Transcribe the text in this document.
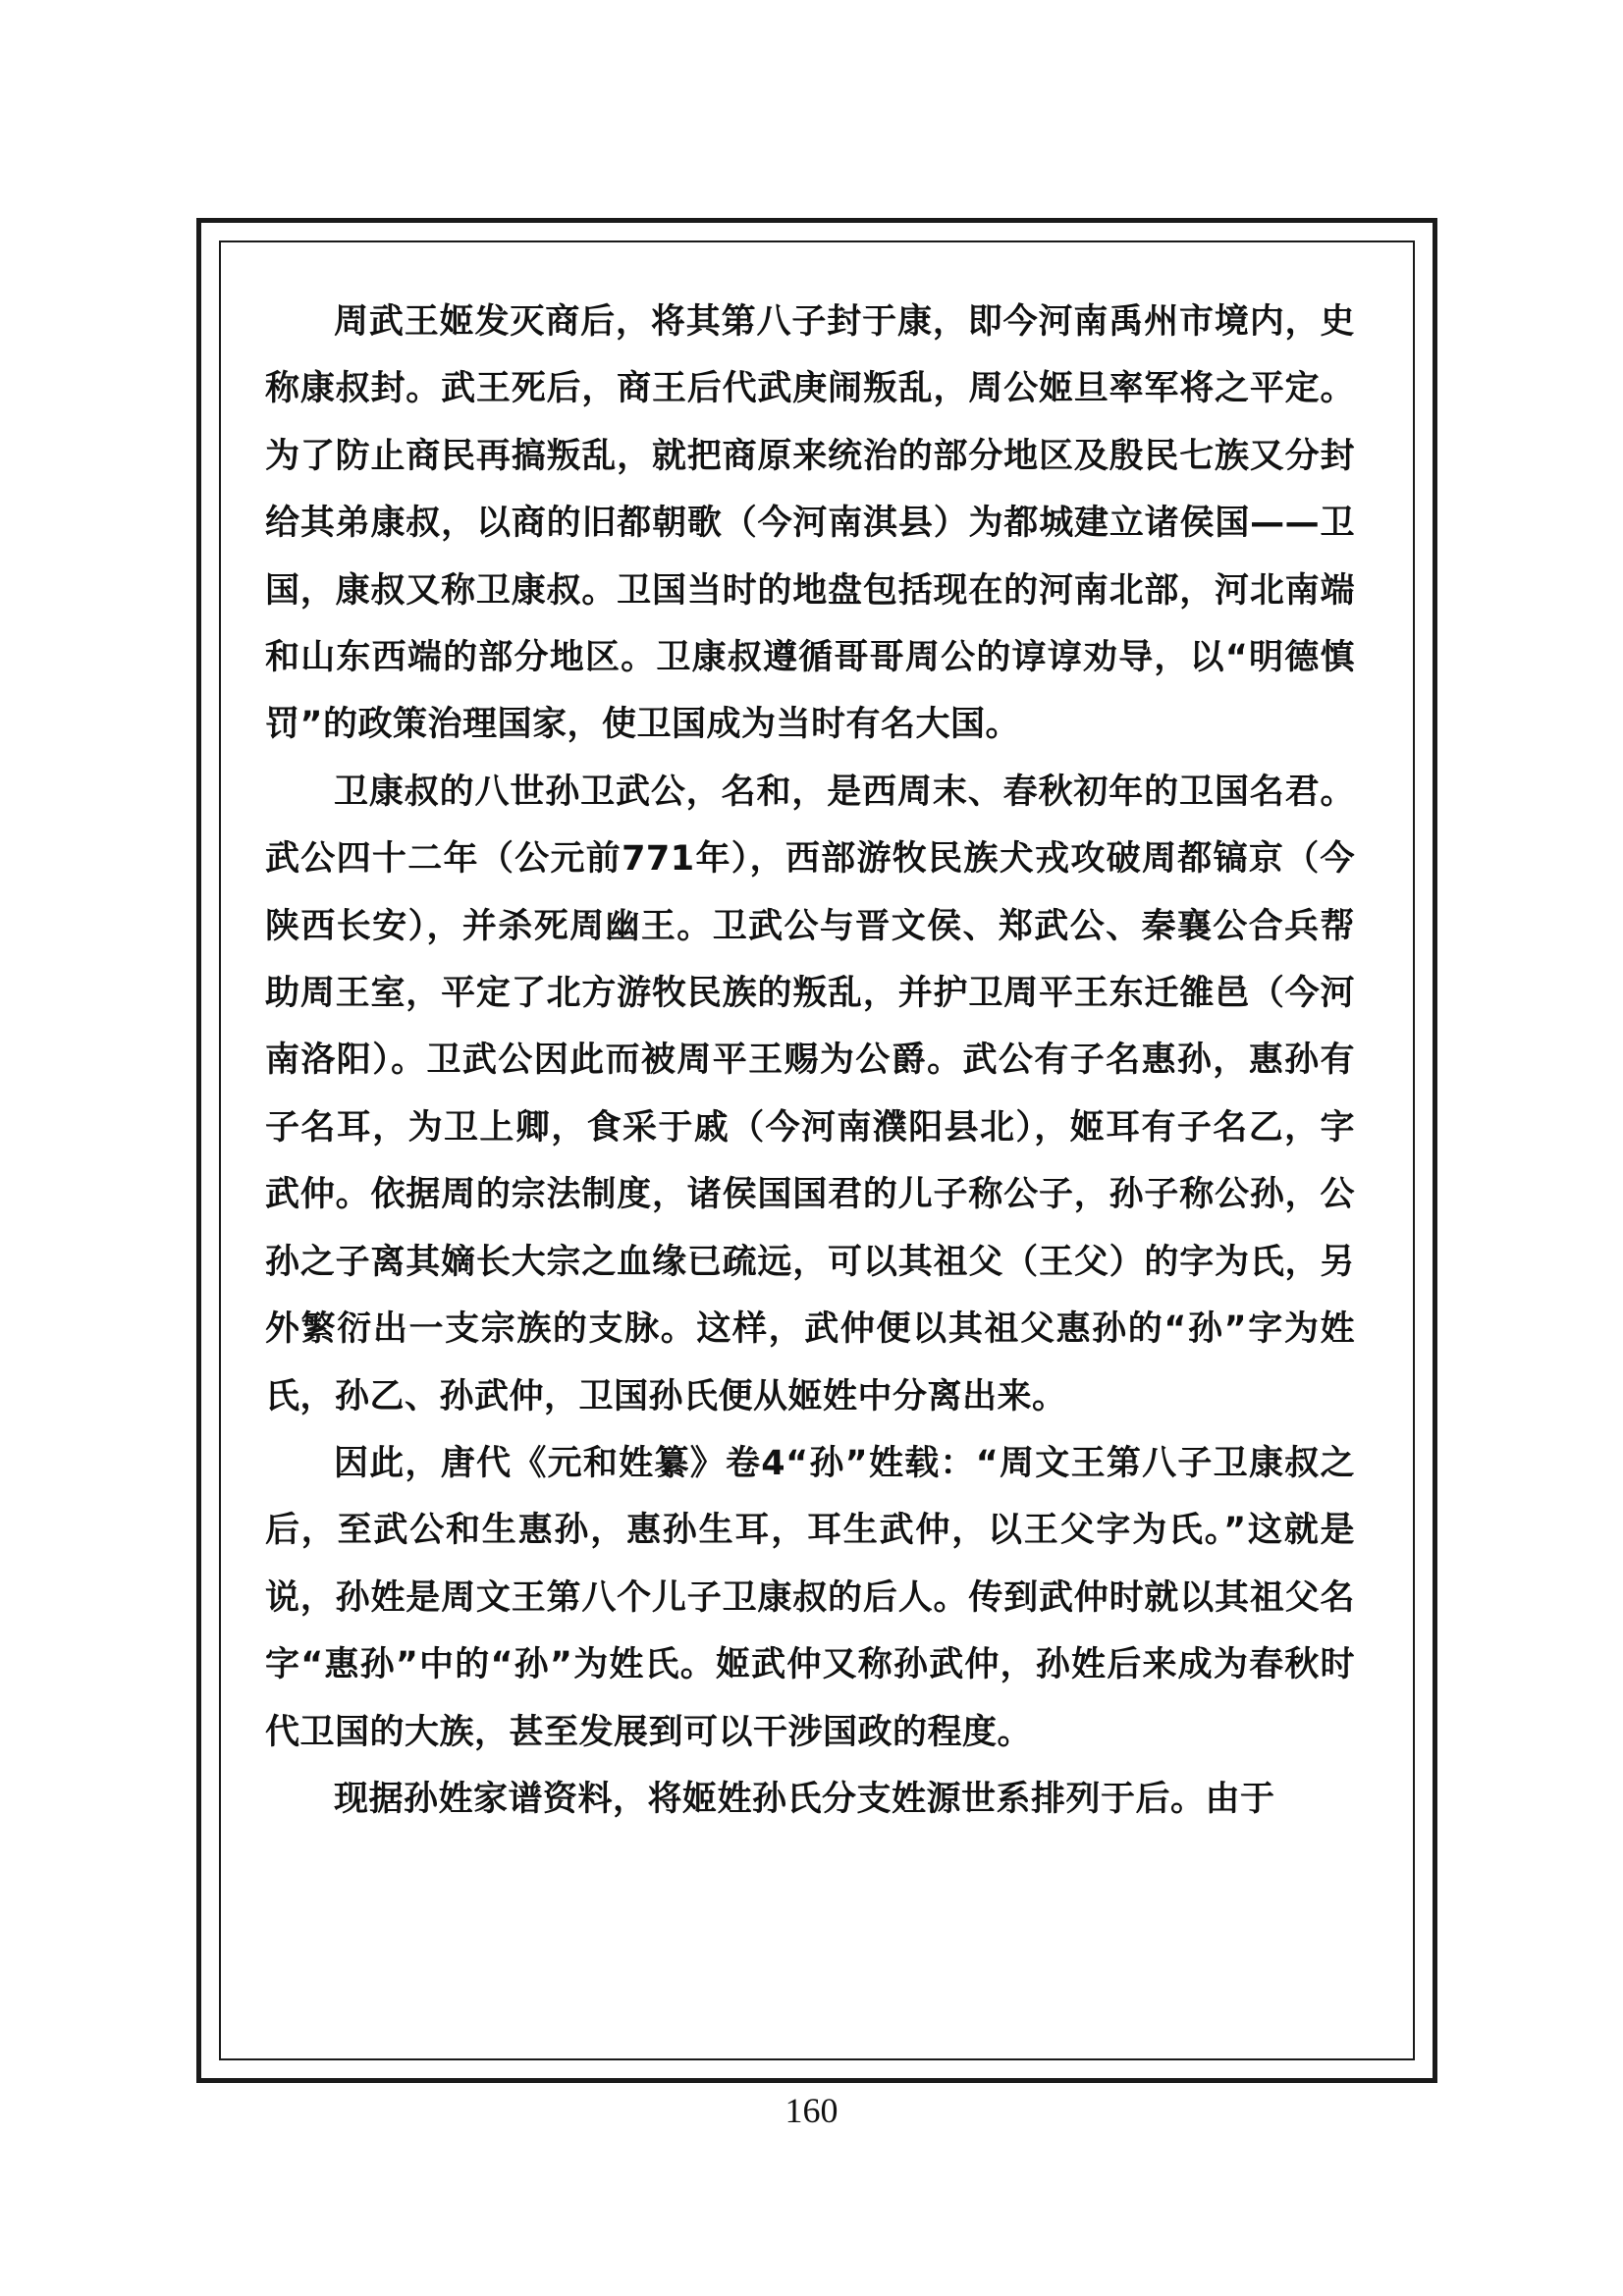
周武王姬发灭商后，将其第八子封于康，即今河南禹州市境内，史称康叔封。武王死后，商王后代武庚闹叛乱，周公姬旦率军将之平定。为了防止商民再搞叛乱，就把商原来统治的部分地区及殷民七族又分封给其弟康叔，以商的旧都朝歌（今河南淇县）为都城建立诸侯国——卫国，康叔又称卫康叔。卫国当时的地盘包括现在的河南北部，河北南端和山东西端的部分地区。卫康叔遵循哥哥周公的谆谆劝导，以“明德慎罚”的政策治理国家，使卫国成为当时有名大国。

卫康叔的八世孙卫武公，名和，是西周末、春秋初年的卫国名君。武公四十二年（公元前771年），西部游牧民族犬戎攻破周都镐京（今陕西长安），并杀死周幽王。卫武公与晋文侯、郑武公、秦襄公合兵帮助周王室，平定了北方游牧民族的叛乱，并护卫周平王东迁雒邑（今河南洛阳）。卫武公因此而被周平王赐为公爵。武公有子名惠孙，惠孙有子名耳，为卫上卿，食采于戚（今河南濮阳县北），姬耳有子名乙，字武仲。依据周的宗法制度，诸侯国国君的儿子称公子，孙子称公孙，公孙之子离其嫡长大宗之血缘已疏远，可以其祖父（王父）的字为氏，另外繁衍出一支宗族的支脉。这样，武仲便以其祖父惠孙的“孙”字为姓氏，孙乙、孙武仲，卫国孙氏便从姬姓中分离出来。

因此，唐代《元和姓纂》卷4“孙”姓载：“周文王第八子卫康叔之后，至武公和生惠孙，惠孙生耳，耳生武仲，以王父字为氏。”这就是说，孙姓是周文王第八个儿子卫康叔的后人。传到武仲时就以其祖父名字“惠孙”中的“孙”为姓氏。姬武仲又称孙武仲，孙姓后来成为春秋时代卫国的大族，甚至发展到可以干涉国政的程度。

现据孙姓家谱资料，将姬姓孙氏分支姓源世系排列于后。由于

160
